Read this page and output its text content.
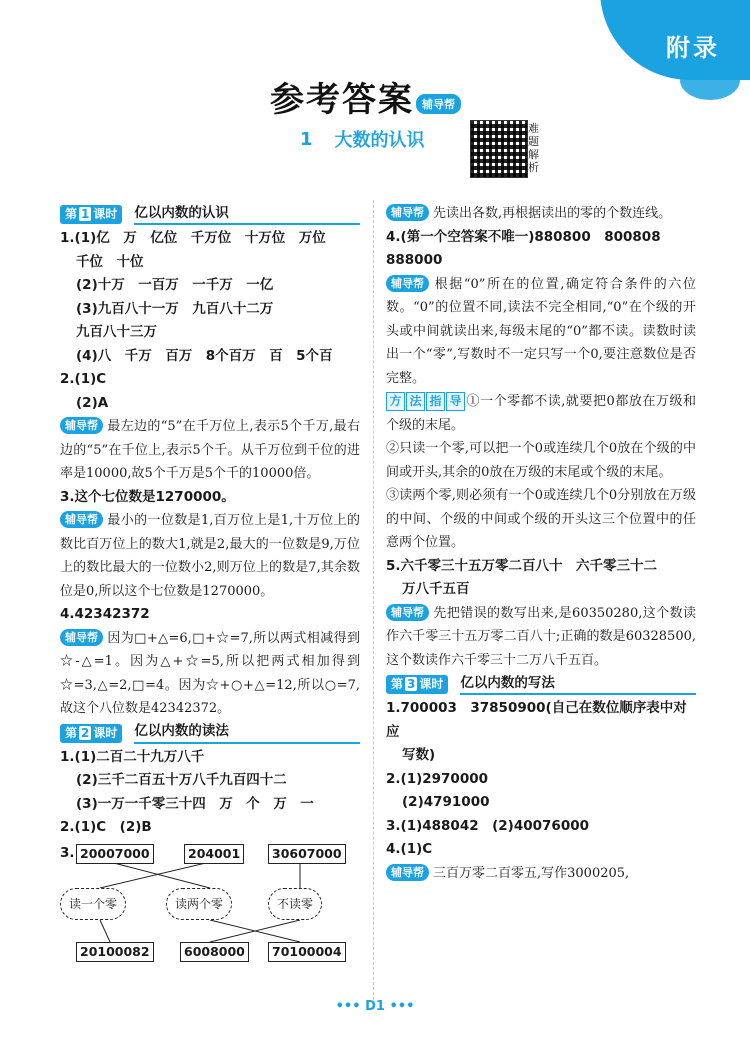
附录
参考答案 辅导帮
1 大数的认识
难题解析
第 1 课时	亿以内数的认识

1.(1)亿　万　亿位　千万位　十万位　万位

千位　十位

(2)十万　一百万　一千万　一亿

(3)九百八十一万　九百八十二万

九百八十三万

(4)八　千万　百万　8个百万　百　5个百

2.(1)C

(2)A

辅导帮 最左边的“5”在千万位上,表示5个千万,最右边的“5”在千位上,表示5个千。从千万位到千位的进率是10000,故5个千万是5个千的10000倍。

3.这个七位数是1270000。

辅导帮 最小的一位数是1,百万位上是1,十万位上的数比百万位上的数大1,就是2,最大的一位数是9,万位上的数比最大的一位数小2,则万位上的数是7,其余数位是0,所以这个七位数是1270000。

4.42342372

辅导帮 因为□+△=6,□+☆=7,所以两式相减得到☆-△=1。因为△+☆=5,所以把两式相加得到☆=3,△=2,□=4。因为☆+○+△=12,所以○=7,故这个八位数是42342372。

第 2 课时	亿以内数的读法

1.(1)二百二十九万八千

(2)三千二百五十万八千九百四十二

(3)一万一千零三十四　万　个　万　一

2.(1)C　(2)B

3. 20007000	204001	30607000
读一个零	读两个零	不读零
20100082	6008000	70100004

辅导帮 先读出各数,再根据读出的零的个数连线。

4.(第一个空答案不唯一)880800　800808

888000

辅导帮 根据“0”所在的位置,确定符合条件的六位数。“0”的位置不同,读法不完全相同,“0”在个级的开头或中间就读出来,每级末尾的“0”都不读。读数时读出一个“零”,写数时不一定只写一个0,要注意数位是否完整。

方 法 指 导 ①一个零都不读,就要把0都放在万级和个级的末尾。

②只读一个零,可以把一个0或连续几个0放在个级的中间或开头,其余的0放在万级的末尾或个级的末尾。

③读两个零,则必须有一个0或连续几个0分别放在万级的中间、个级的中间或个级的开头这三个位置中的任意两个位置。

5.六千零三十五万零二百八十　六千零三十二

万八千五百

辅导帮 先把错误的数写出来,是60350280,这个数读作六千零三十五万零二百八十;正确的数是60328500,这个数读作六千零三十二万八千五百。

第 3 课时	亿以内数的写法

1.700003　37850900(自己在数位顺序表中对应

写数)

2.(1)2970000

(2)4791000

3.(1)488042　(2)40076000

4.(1)C

辅导帮 三百万零二百零五,写作3000205,

••• D1 •••
